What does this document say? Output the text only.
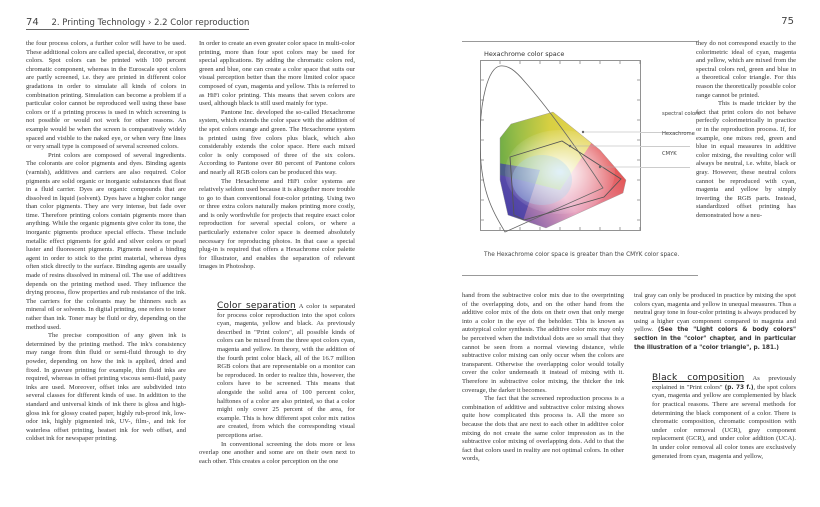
74 2. Printing Technology › 2.2 Color reproduction

the four process colors, a further color will have to be used. These additional colors are called special, decorative, or spot colors. Spot colors can be printed with 100 percent chromatic component, whereas in the Euroscale spot colors are partly screened, i.e. they are printed in different color gradations in order to simulate all kinds of colors in combination printing. Simulation can become a problem if a particular color cannot be reproduced well using these base colors or if a printing process is used in which screening is not possible or would not work for other reasons. An example would be when the screen is comparatively widely spaced and visible to the naked eye, or when very fine lines or very small type is composed of several screened colors.

Print colors are composed of several ingredients. The colorants are color pigments and dyes. Binding agents (varnish), additives and carriers are also required. Color pigments are solid organic or inorganic substances that float in a fluid carrier. Dyes are organic compounds that are dissolved in liquid (solvent). Dyes have a higher color range than color pigments. They are very intense, but fade over time. Therefore printing colors contain pigments more than anything. While the organic pigments give color its tone, the inorganic pigments produce special effects. These include metallic effect pigments for gold and silver colors or pearl luster and fluorescent pigments. Pigments need a binding agent in order to stick to the print material, whereas dyes often stick directly to the surface. Binding agents are usually made of resins dissolved in mineral oil. The use of additives depends on the printing method used. They influence the drying process, flow properties and rub resistance of the ink. The carriers for the colorants may be thinners such as mineral oil or solvents. In digital printing, one refers to toner rather than ink. Toner may be fluid or dry, depending on the method used.

The precise composition of any given ink is determined by the printing method. The ink's consistency may range from thin fluid or semi-fluid through to dry powder, depending on how the ink is applied, dried and fixed. In gravure printing for example, thin fluid inks are required, whereas in offset printing viscous semi-fluid, pasty inks are used. Moreover, offset inks are subdivided into several classes for different kinds of use. In addition to the standard and universal kinds of ink there is gloss and high-gloss ink for glossy coated paper, highly rub-proof ink, low-odor ink, highly pigmented ink, UV-, film-, and ink for waterless offset printing, heatset ink for web offset, and coldset ink for newspaper printing.

In order to create an even greater color space in multi-color printing, more than four spot colors may be used for special applications. By adding the chromatic colors red, green and blue, one can create a color space that suits our visual perception better than the more limited color space composed of cyan, magenta and yellow. This is referred to as HiFi color printing. This means that seven colors are used, although black is still used mainly for type.

Pantone Inc. developed the so-called Hexachrome system, which extends the color space with the addition of the spot colors orange and green. The Hexachrome system is printed using five colors plus black, which also considerably extends the color space. Here each mixed color is only composed of three of the six colors. According to Pantone over 80 percent of Pantone colors and nearly all RGB colors can be produced this way.

The Hexachrome and HiFi color systems are relatively seldom used because it is altogether more trouble to go to than conventional four-color printing. Using two or three extra colors naturally makes printing more costly, and is only worthwhile for projects that require exact color reproduction for several special colors, or where a particularly extensive color space is deemed absolutely necessary for reproducing photos. In that case a special plug-in is required that offers a Hexachrome color palette for Illustrator, and enables the separation of relevant images in Photoshop.

Color separation A color is separated for process color reproduction into the spot colors cyan, magenta, yellow and black. As previously described in "Print colors", all possible kinds of colors can be mixed from the three spot colors cyan, magenta and yellow. In theory, with the addition of the fourth print color black, all of the 16.7 million RGB colors that are representable on a monitor can be reproduced. In order to realize this, however, the colors have to be screened. This means that alongside the solid area of 100 percent color, halftones of a color are also printed, so that a color might only cover 25 percent of the area, for example. This is how different spot color mix ratios are created, from which the corresponding visual perceptions arise.

In conventional screening the dots more or less overlap one another and some are on their own next to each other. This creates a color perception on the one

75
Hexachrome color space
spectral colors
Hexachrome
CMYK
The Hexachrome color space is greater than the CMYK color space.

they do not correspond exactly to the colorimetric ideal of cyan, magenta and yellow, which are mixed from the spectral colors red, green and blue in a theoretical color triangle. For this reason the theoretically possible color range cannot be printed.

This is made trickier by the fact that print colors do not behave perfectly colorimetrically in practice or in the reproduction process. If, for example, one mixes red, green and blue in equal measures in additive color mixing, the resulting color will always be neutral, i.e. white, black or gray. However, these neutral colors cannot be reproduced with cyan, magenta and yellow by simply inverting the RGB parts. Instead, standardized offset printing has demonstrated how a neu-

hand from the subtractive color mix due to the overprinting of the overlapping dots, and on the other hand from the additive color mix of the dots on their own that only merge into a color in the eye of the beholder. This is known as autotypical color synthesis. The additive color mix may only be perceived when the individual dots are so small that they cannot be seen from a normal viewing distance, while subtractive color mixing can only occur when the colors are transparent. Otherwise the overlapping color would totally cover the color underneath it instead of mixing with it. Therefore in subtractive color mixing, the thicker the ink coverage, the darker it becomes.

The fact that the screened reproduction process is a combination of additive and subtractive color mixing shows quite how complicated this process is. All the more so because the dots that are next to each other in additive color mixing do not create the same color impression as in the subtractive color mixing of overlapping dots. Add to that the fact that colors used in reality are not optimal colors. In other words,

tral gray can only be produced in practice by mixing the spot colors cyan, magenta and yellow in unequal measures. Thus a neutral gray tone in four-color printing is always produced by using a higher cyan component compared to magenta and yellow. (See the "Light colors & body colors" section in the "color" chapter, and in particular the illustration of a "color triangle", p. 181.)

Black composition As previously explained in "Print colors" (p. 73 f.), the spot colors cyan, magenta and yellow are complemented by black for practical reasons. There are several methods for determining the black component of a color. There is chromatic composition, chromatic composition with under color removal (UCR), gray component replacement (GCR), and under color addition (UCA). In under color removal all color tones are exclusively generated from cyan, magenta and yellow,
